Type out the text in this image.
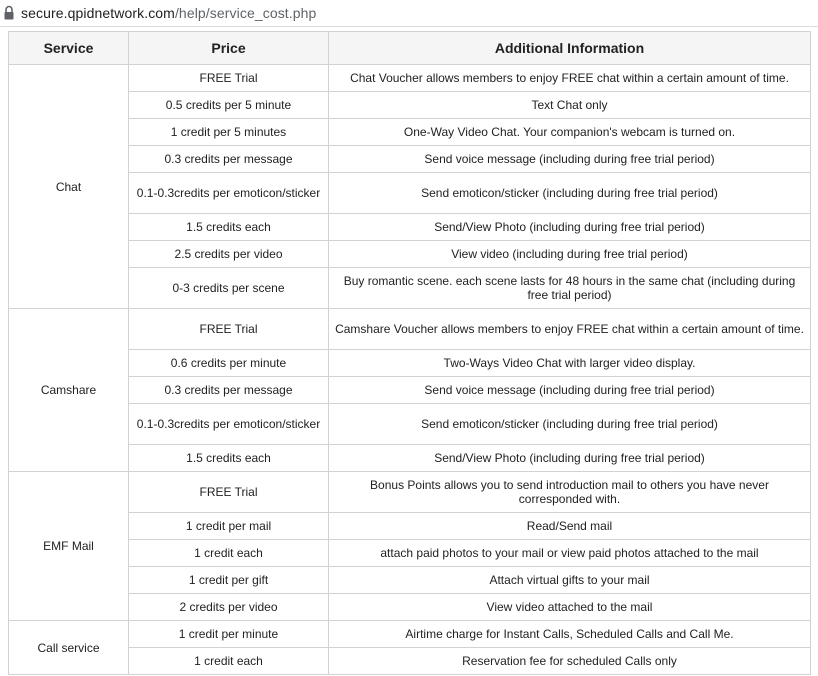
secure.qpidnetwork.com/help/service_cost.php
Service	Price	Additional Information
Chat	FREE Trial	Chat Voucher allows members to enjoy FREE chat within a certain amount of time.
	0.5 credits per 5 minute	Text Chat only
	1 credit per 5 minutes	One-Way Video Chat. Your companion's webcam is turned on.
	0.3 credits per message	Send voice message (including during free trial period)
	0.1-0.3credits per emoticon/sticker	Send emoticon/sticker (including during free trial period)
	1.5 credits each	Send/View Photo (including during free trial period)
	2.5 credits per video	View video (including during free trial period)
	0-3 credits per scene	Buy romantic scene. each scene lasts for 48 hours in the same chat (including during free trial period)
Camshare	FREE Trial	Camshare Voucher allows members to enjoy FREE chat within a certain amount of time.
	0.6 credits per minute	Two-Ways Video Chat with larger video display.
	0.3 credits per message	Send voice message (including during free trial period)
	0.1-0.3credits per emoticon/sticker	Send emoticon/sticker (including during free trial period)
	1.5 credits each	Send/View Photo (including during free trial period)
EMF Mail	FREE Trial	Bonus Points allows you to send introduction mail to others you have never corresponded with.
	1 credit per mail	Read/Send mail
	1 credit each	attach paid photos to your mail or view paid photos attached to the mail
	1 credit per gift	Attach virtual gifts to your mail
	2 credits per video	View video attached to the mail
Call service	1 credit per minute	Airtime charge for Instant Calls, Scheduled Calls and Call Me.
	1 credit each	Reservation fee for scheduled Calls only
